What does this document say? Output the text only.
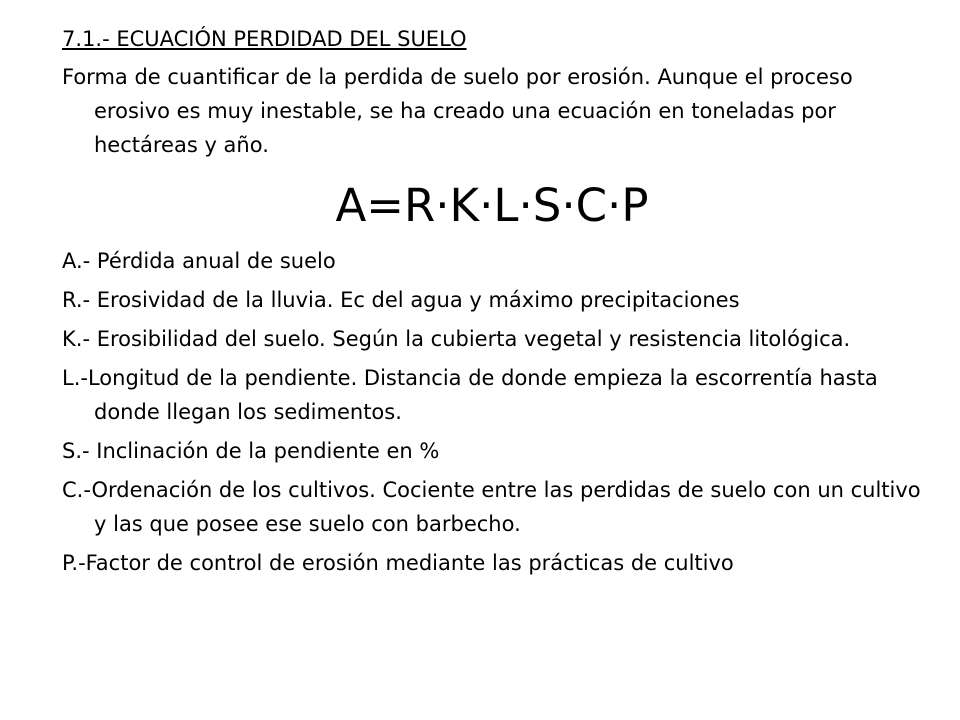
7.1.- ECUACIÓN PERDIDAD DEL SUELO
Forma de cuantificar de la perdida de suelo por erosión. Aunque el proceso erosivo es muy inestable, se ha creado una ecuación en toneladas por hectáreas y año.
A=R·K·L·S·C·P
A.- Pérdida anual de suelo
R.- Erosividad de la lluvia. Ec del agua y máximo precipitaciones
K.- Erosibilidad del suelo. Según la cubierta vegetal y resistencia litológica.
L.-Longitud de la pendiente. Distancia de donde empieza la escorrentía hasta donde llegan los sedimentos.
S.- Inclinación de la pendiente en %
C.-Ordenación de los cultivos. Cociente entre las perdidas de suelo con un cultivo y las que posee ese suelo con barbecho.
P.-Factor de control de erosión mediante las prácticas de cultivo
